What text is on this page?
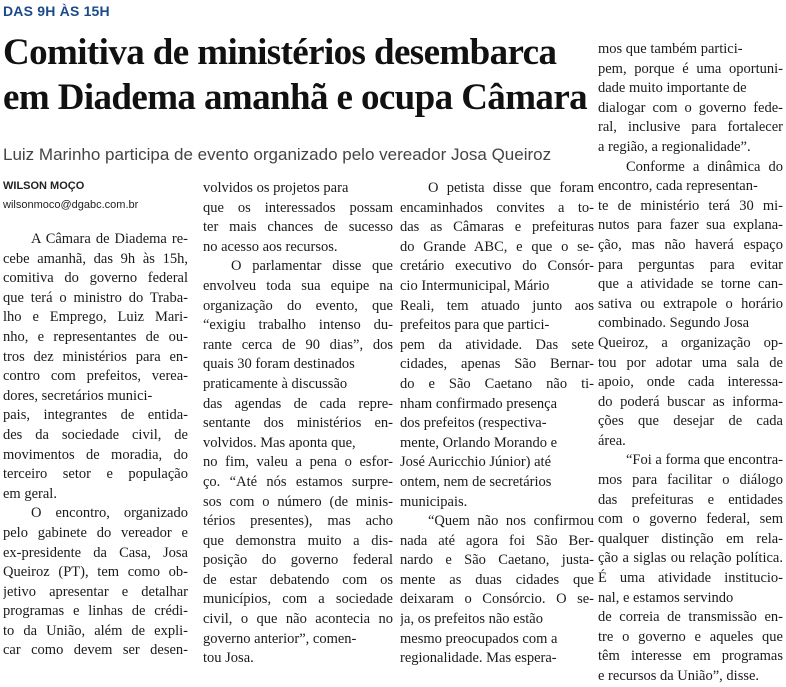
DAS 9H ÀS 15H
Comitiva de ministérios desembarca
em Diadema amanhã e ocupa Câmara
Luiz Marinho participa de evento organizado pelo vereador Josa Queiroz
WILSON MOÇO
wilsonmoco@dgabc.com.br
A Câmara de Diadema re-
cebe amanhã, das 9h às 15h,
comitiva do governo federal
que terá o ministro do Traba-
lho e Emprego, Luiz Mari-
nho, e representantes de ou-
tros dez ministérios para en-
contro com prefeitos, verea-
dores, secretários munici-
pais, integrantes de entida-
des da sociedade civil, de
movimentos de moradia, do
terceiro setor e população
em geral.
O encontro, organizado
pelo gabinete do vereador e
ex-presidente da Casa, Josa
Queiroz (PT), tem como ob-
jetivo apresentar e detalhar
programas e linhas de crédi-
to da União, além de expli-
car como devem ser desen-
volvidos os projetos para
que os interessados possam
ter mais chances de sucesso
no acesso aos recursos.
O parlamentar disse que
envolveu toda sua equipe na
organização do evento, que
“exigiu trabalho intenso du-
rante cerca de 90 dias”, dos
quais 30 foram destinados
praticamente à discussão
das agendas de cada repre-
sentante dos ministérios en-
volvidos. Mas aponta que,
no fim, valeu a pena o esfor-
ço. “Até nós estamos surpre-
sos com o número (de minis-
térios presentes), mas acho
que demonstra muito a dis-
posição do governo federal
de estar debatendo com os
municípios, com a sociedade
civil, o que não acontecia no
governo anterior”, comen-
tou Josa.
O petista disse que foram
encaminhados convites a to-
das as Câmaras e prefeituras
do Grande ABC, e que o se-
cretário executivo do Consór-
cio Intermunicipal, Mário
Reali, tem atuado junto aos
prefeitos para que partici-
pem da atividade. Das sete
cidades, apenas São Bernar-
do e São Caetano não ti-
nham confirmado presença
dos prefeitos (respectiva-
mente, Orlando Morando e
José Auricchio Júnior) até
ontem, nem de secretários
municipais.
“Quem não nos confirmou
nada até agora foi São Ber-
nardo e São Caetano, justa-
mente as duas cidades que
deixaram o Consórcio. O se-
ja, os prefeitos não estão
mesmo preocupados com a
regionalidade. Mas espera-
mos que também partici-
pem, porque é uma oportuni-
dade muito importante de
dialogar com o governo fede-
ral, inclusive para fortalecer
a região, a regionalidade”.
Conforme a dinâmica do
encontro, cada representan-
te de ministério terá 30 mi-
nutos para fazer sua explana-
ção, mas não haverá espaço
para perguntas para evitar
que a atividade se torne can-
sativa ou extrapole o horário
combinado. Segundo Josa
Queiroz, a organização op-
tou por adotar uma sala de
apoio, onde cada interessa-
do poderá buscar as informa-
ções que desejar de cada
área.
“Foi a forma que encontra-
mos para facilitar o diálogo
das prefeituras e entidades
com o governo federal, sem
qualquer distinção em rela-
ção a siglas ou relação política.
É uma atividade institucio-
nal, e estamos servindo
de correia de transmissão en-
tre o governo e aqueles que
têm interesse em programas
e recursos da União”, disse.
